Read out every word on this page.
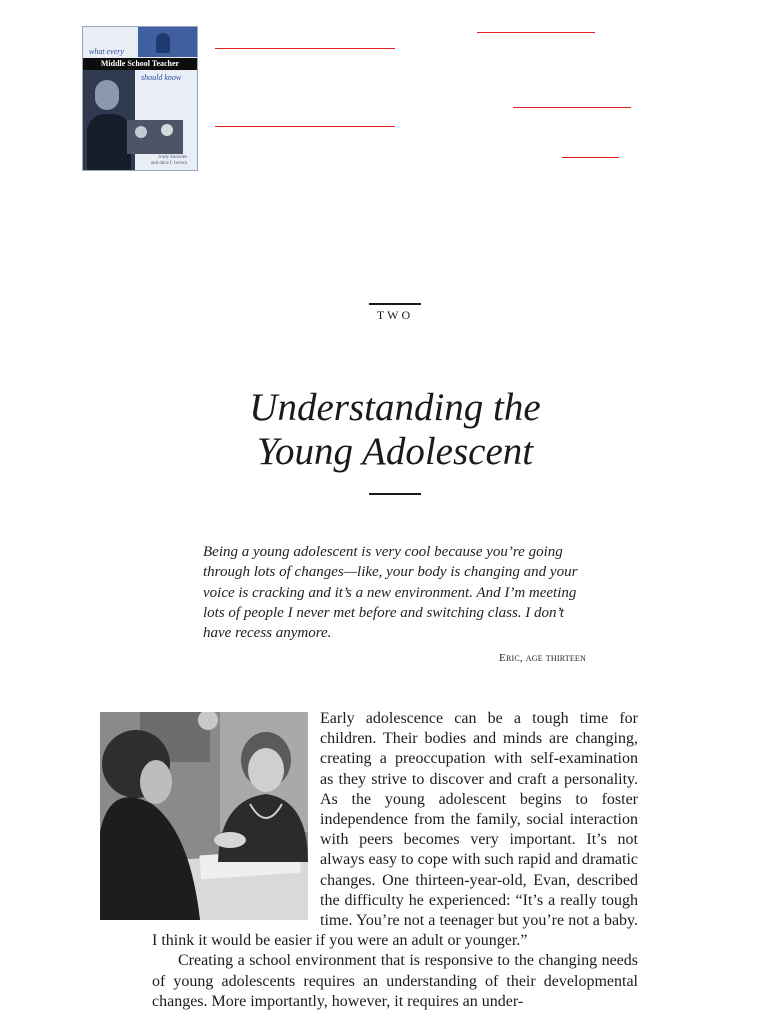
what every
Middle School Teacher
should know
trudy knowles
and dave f. brown
TWO
Understanding the
Young Adolescent

Being a young adolescent is very cool because you’re going through lots of changes—like, your body is changing and your voice is cracking and it’s a new environment. And I’m meeting lots of people I never met before and switching class. I don’t have recess anymore.

Eric, age thirteen

Early adolescence can be a tough time for children. Their bodies and minds are changing, creating a preoccupation with self-examination as they strive to discover and craft a personality. As the young adolescent begins to foster independence from the family, social interaction with peers becomes very important. It’s not always easy to cope with such rapid and dramatic changes. One thirteen-year-old, Evan, described the difficulty he experienced: “It’s a really tough time. You’re not a teenager but you’re not a baby. I think it would be easier if you were an adult or younger.”

Creating a school environment that is responsive to the changing needs of young adolescents requires an understanding of their developmental changes. More importantly, however, it requires an under-
